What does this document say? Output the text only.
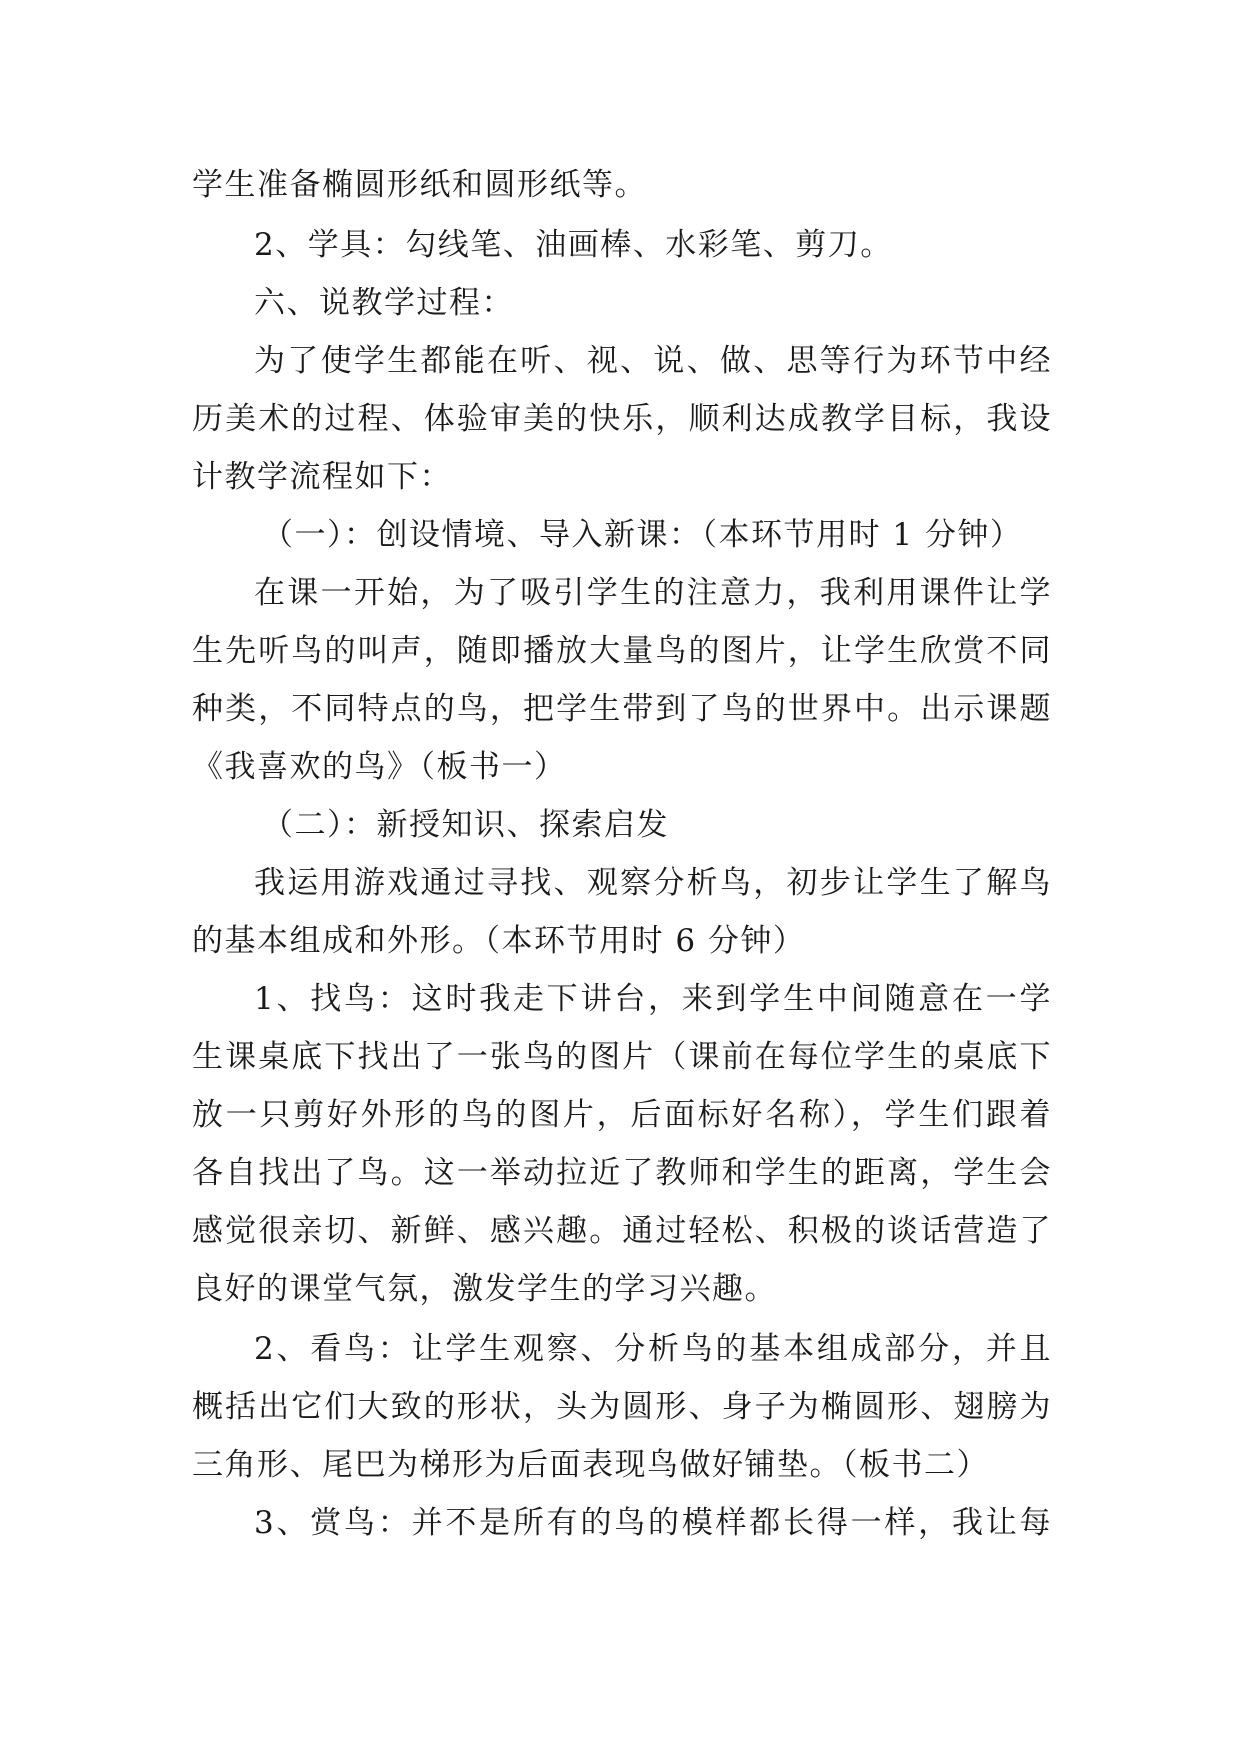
学生准备椭圆形纸和圆形纸等。
2、学具：勾线笔、油画棒、水彩笔、剪刀。
六、说教学过程：
为了使学生都能在听、视、说、做、思等行为环节中经
历美术的过程、体验审美的快乐，顺利达成教学目标，我设
计教学流程如下：
（一）：创设情境、导入新课：（本环节用时 1 分钟）
在课一开始，为了吸引学生的注意力，我利用课件让学
生先听鸟的叫声，随即播放大量鸟的图片，让学生欣赏不同
种类，不同特点的鸟，把学生带到了鸟的世界中。出示课题
《我喜欢的鸟》（板书一）
（二）：新授知识、探索启发
我运用游戏通过寻找、观察分析鸟，初步让学生了解鸟
的基本组成和外形。（本环节用时 6 分钟）
1、找鸟：这时我走下讲台，来到学生中间随意在一学
生课桌底下找出了一张鸟的图片（课前在每位学生的桌底下
放一只剪好外形的鸟的图片，后面标好名称），学生们跟着
各自找出了鸟。这一举动拉近了教师和学生的距离，学生会
感觉很亲切、新鲜、感兴趣。通过轻松、积极的谈话营造了
良好的课堂气氛，激发学生的学习兴趣。
2、看鸟：让学生观察、分析鸟的基本组成部分，并且
概括出它们大致的形状，头为圆形、身子为椭圆形、翅膀为
三角形、尾巴为梯形为后面表现鸟做好铺垫。（板书二）
3、赏鸟：并不是所有的鸟的模样都长得一样，我让每
